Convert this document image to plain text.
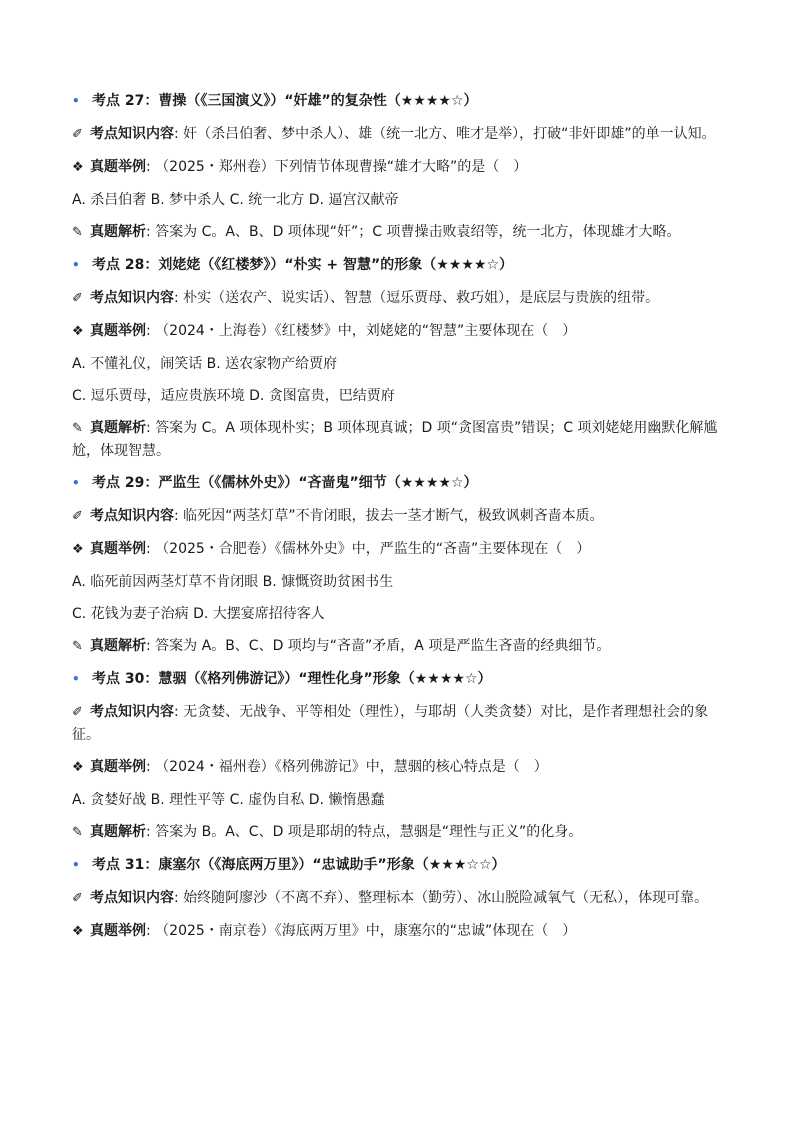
• 考点 27：曹操（《三国演义》）“奸雄”的复杂性（★★★★☆）

✐ 考点知识内容: 奸（杀吕伯奢、梦中杀人）、雄（统一北方、唯才是举），打破“非奸即雄”的单一认知。

❖ 真题举例: （2025・郑州卷）下列情节体现曹操“雄才大略”的是（　）

A. 杀吕伯奢 B. 梦中杀人 C. 统一北方 D. 逼宫汉献帝

✎ 真题解析: 答案为 C。A、B、D 项体现“奸”；C 项曹操击败袁绍等，统一北方，体现雄才大略。

• 考点 28：刘姥姥（《红楼梦》）“朴实 + 智慧”的形象（★★★★☆）

✐ 考点知识内容: 朴实（送农产、说实话）、智慧（逗乐贾母、救巧姐），是底层与贵族的纽带。

❖ 真题举例: （2024・上海卷）《红楼梦》中，刘姥姥的“智慧”主要体现在（　）

A. 不懂礼仪，闹笑话 B. 送农家物产给贾府

C. 逗乐贾母，适应贵族环境 D. 贪图富贵，巴结贾府

✎ 真题解析: 答案为 C。A 项体现朴实；B 项体现真诚；D 项“贪图富贵”错误；C 项刘姥姥用幽默化解尴尬，体现智慧。

• 考点 29：严监生（《儒林外史》）“吝啬鬼”细节（★★★★☆）

✐ 考点知识内容: 临死因“两茎灯草”不肯闭眼，拔去一茎才断气，极致讽刺吝啬本质。

❖ 真题举例: （2025・合肥卷）《儒林外史》中，严监生的“吝啬”主要体现在（　）

A. 临死前因两茎灯草不肯闭眼 B. 慷慨资助贫困书生

C. 花钱为妻子治病 D. 大摆宴席招待客人

✎ 真题解析: 答案为 A。B、C、D 项均与“吝啬”矛盾，A 项是严监生吝啬的经典细节。

• 考点 30：慧骃（《格列佛游记》）“理性化身”形象（★★★★☆）

✐ 考点知识内容: 无贪婪、无战争、平等相处（理性），与耶胡（人类贪婪）对比，是作者理想社会的象征。

❖ 真题举例: （2024・福州卷）《格列佛游记》中，慧骃的核心特点是（　）

A. 贪婪好战 B. 理性平等 C. 虚伪自私 D. 懒惰愚蠢

✎ 真题解析: 答案为 B。A、C、D 项是耶胡的特点，慧骃是“理性与正义”的化身。

• 考点 31：康塞尔（《海底两万里》）“忠诚助手”形象（★★★☆☆）

✐ 考点知识内容: 始终随阿廖沙（不离不弃）、整理标本（勤劳）、冰山脱险减氧气（无私），体现可靠。

❖ 真题举例: （2025・南京卷）《海底两万里》中，康塞尔的“忠诚”体现在（　）
